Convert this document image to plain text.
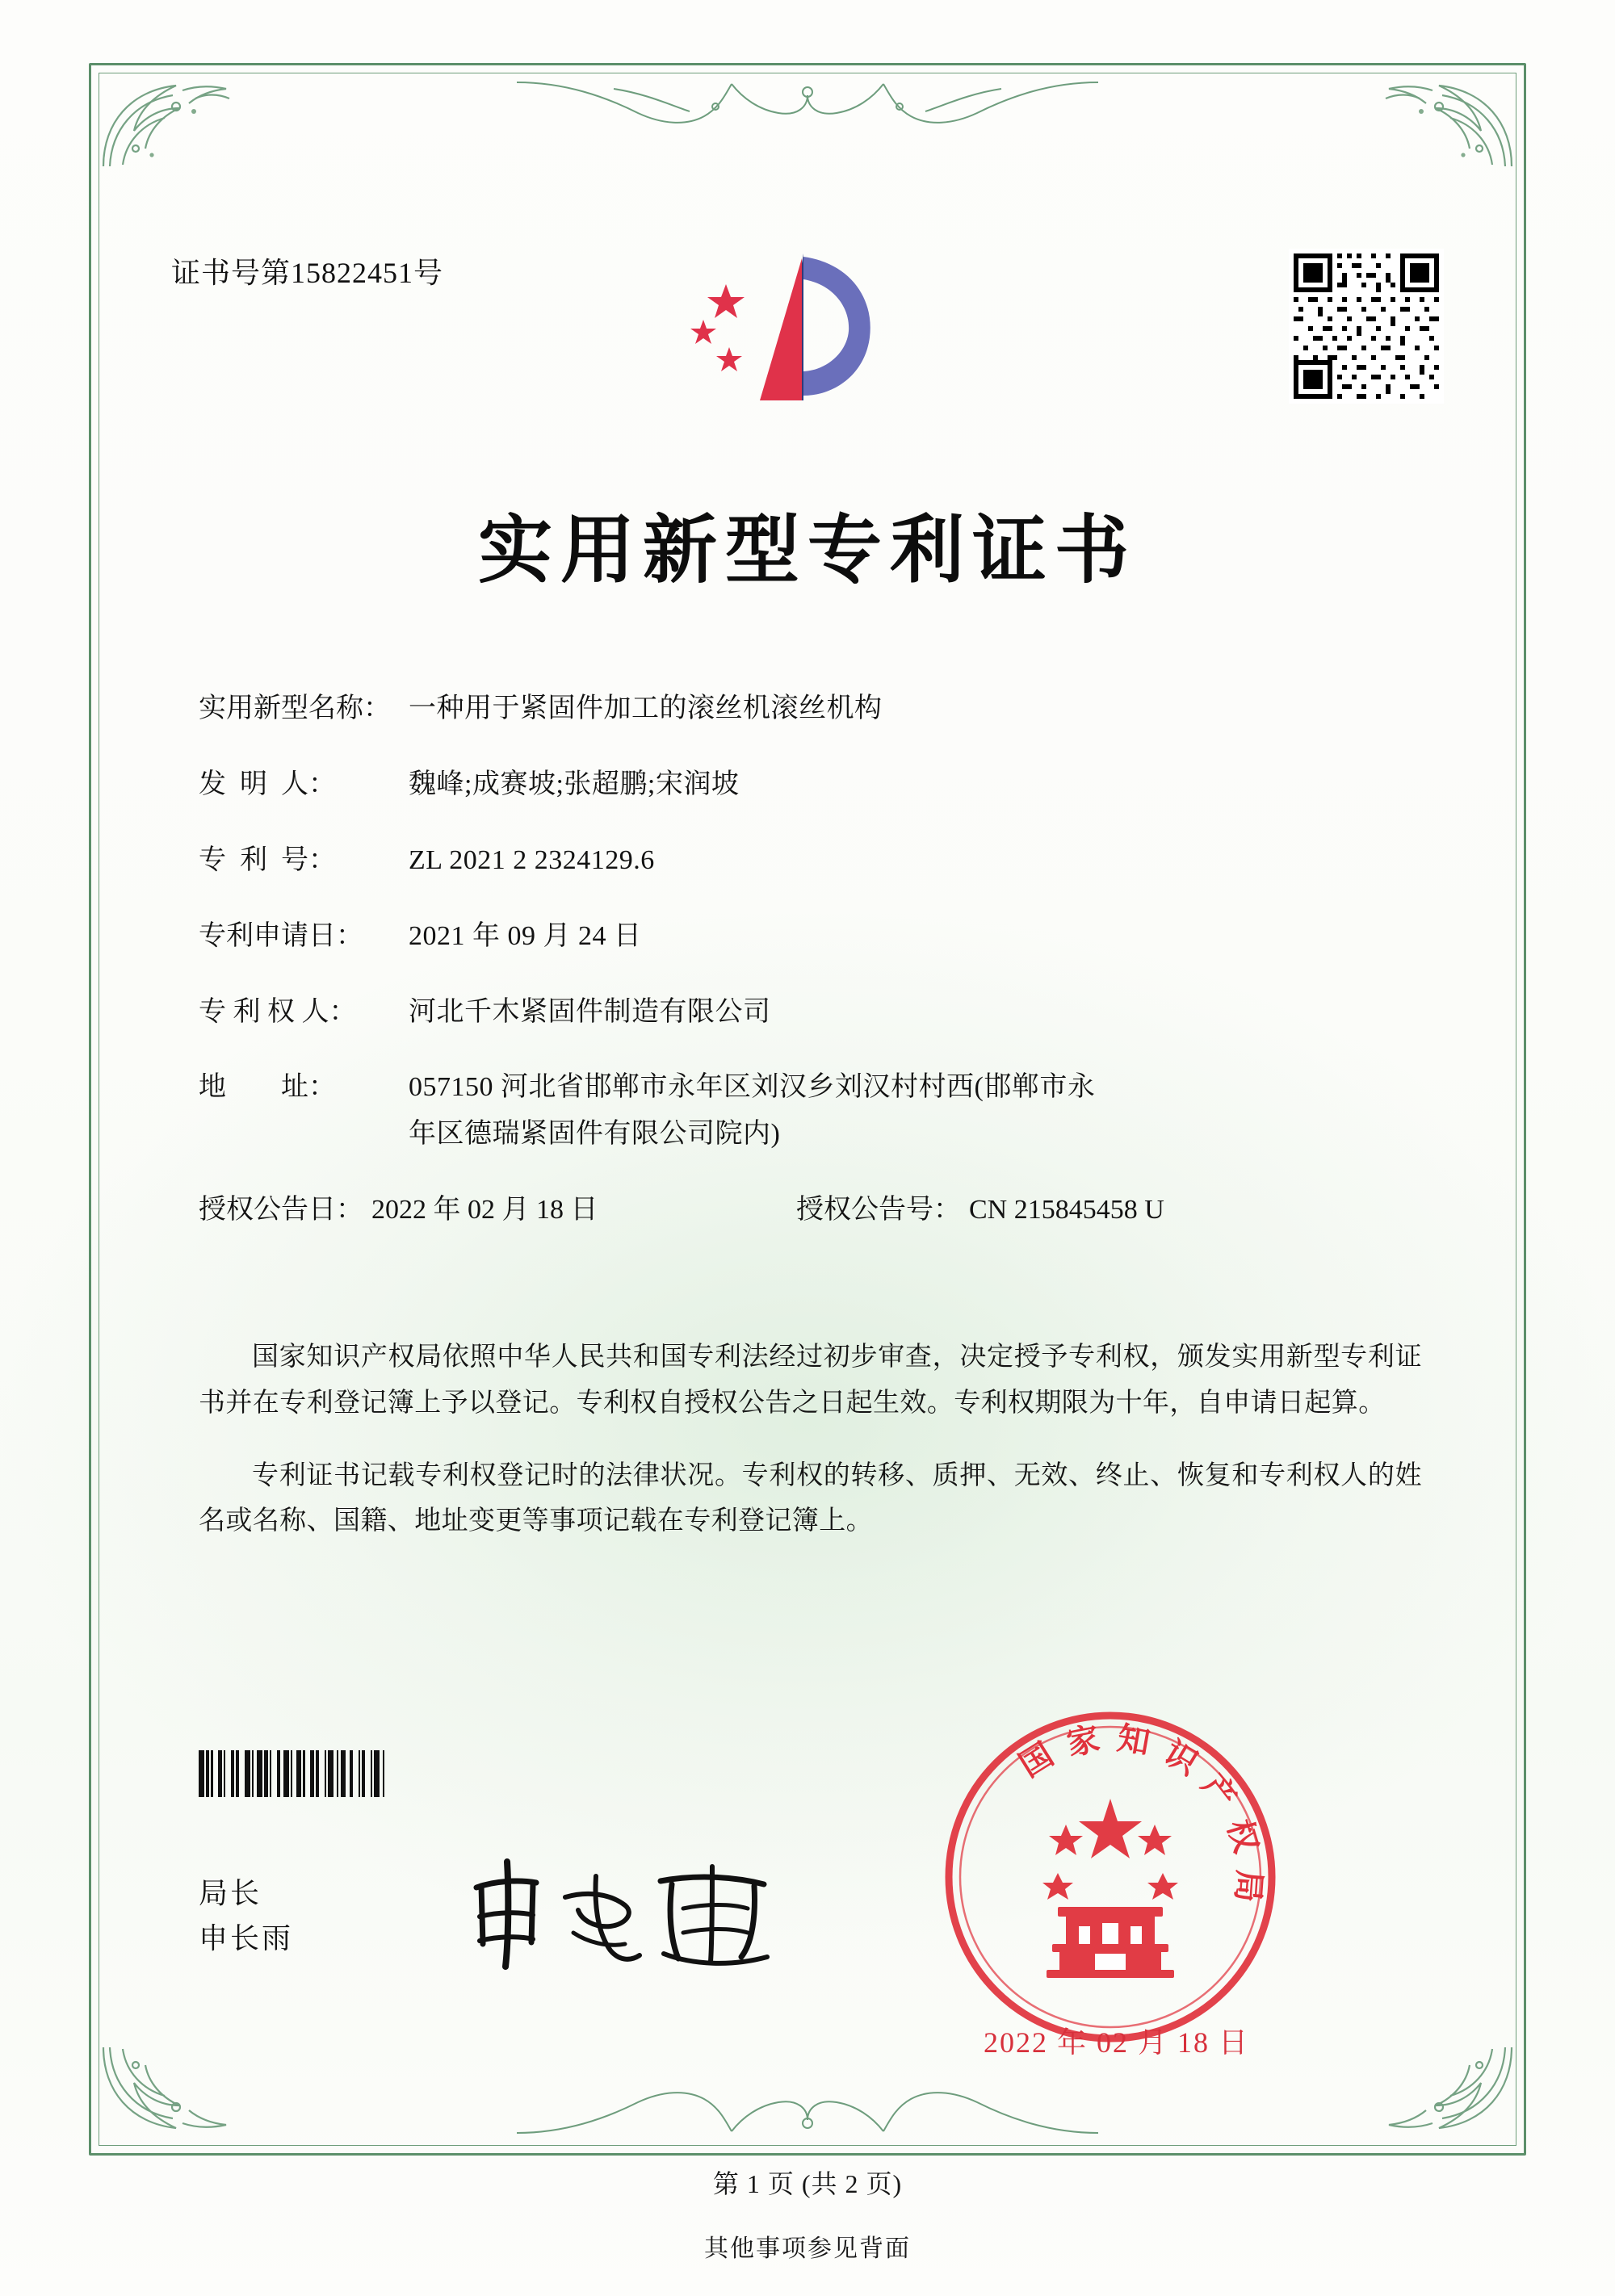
证书号第15822451号
实用新型专利证书
实用新型名称： 一种用于紧固件加工的滚丝机滚丝机构
发  明  人：	魏峰;成赛坡;张超鹏;宋润坡
专  利  号：	ZL 2021 2 2324129.6
专利申请日：	2021 年 09 月 24 日
专 利 权 人：	河北千木紧固件制造有限公司
地        址：	057150 河北省邯郸市永年区刘汉乡刘汉村村西(邯郸市永
年区德瑞紧固件有限公司院内)
授权公告日： 2022 年 02 月 18 日	授权公告号： CN 215845458 U

国家知识产权局依照中华人民共和国专利法经过初步审查，决定授予专利权，颁发实用新型专利证书并在专利登记簿上予以登记。专利权自授权公告之日起生效。专利权期限为十年，自申请日起算。

专利证书记载专利权登记时的法律状况。专利权的转移、质押、无效、终止、恢复和专利权人的姓名或名称、国籍、地址变更等事项记载在专利登记簿上。

局长
申长雨
国 家 知 识 产 权 局
2022 年 02 月 18 日
第 1 页 (共 2 页)
其他事项参见背面
